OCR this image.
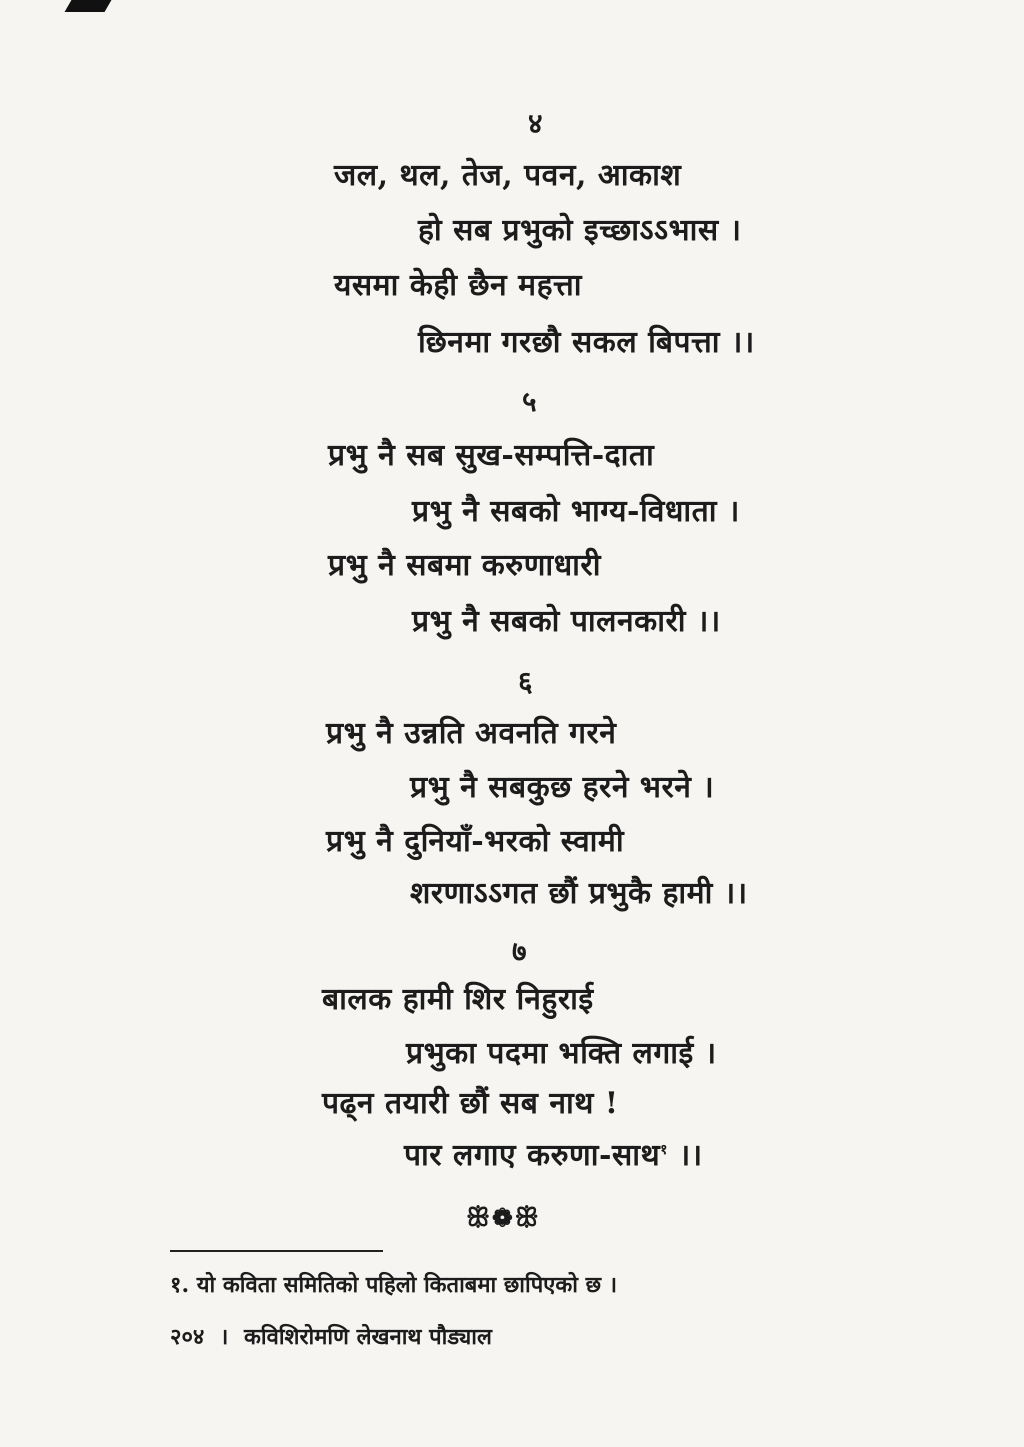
४
जल, थल, तेज, पवन, आकाश
हो सब प्रभुको इच्छाऽऽभास ।
यसमा केही छैन महत्ता
छिनमा गरछौ सकल बिपत्ता ।।
५
प्रभु नै सब सुख-सम्पत्ति-दाता
प्रभु नै सबको भाग्य-विधाता ।
प्रभु नै सबमा करुणाधारी
प्रभु नै सबको पालनकारी ।।
६
प्रभु नै उन्नति अवनति गरने
प्रभु नै सबकुछ हरने भरने ।
प्रभु नै दुनियाँ-भरको स्वामी
शरणाऽऽगत छौं प्रभुकै हामी ।।
७
बालक हामी शिर निहुराई
प्रभुका पदमा भक्ति लगाई ।
पढ्न तयारी छौं सब नाथ !
पार लगाए करुणा-साथ$^१$ ।।
ꕥ❁ꕥ
१. यो कविता समितिको पहिलो किताबमा छापिएको छ ।
२०४ । कविशिरोमणि लेखनाथ पौड्याल
